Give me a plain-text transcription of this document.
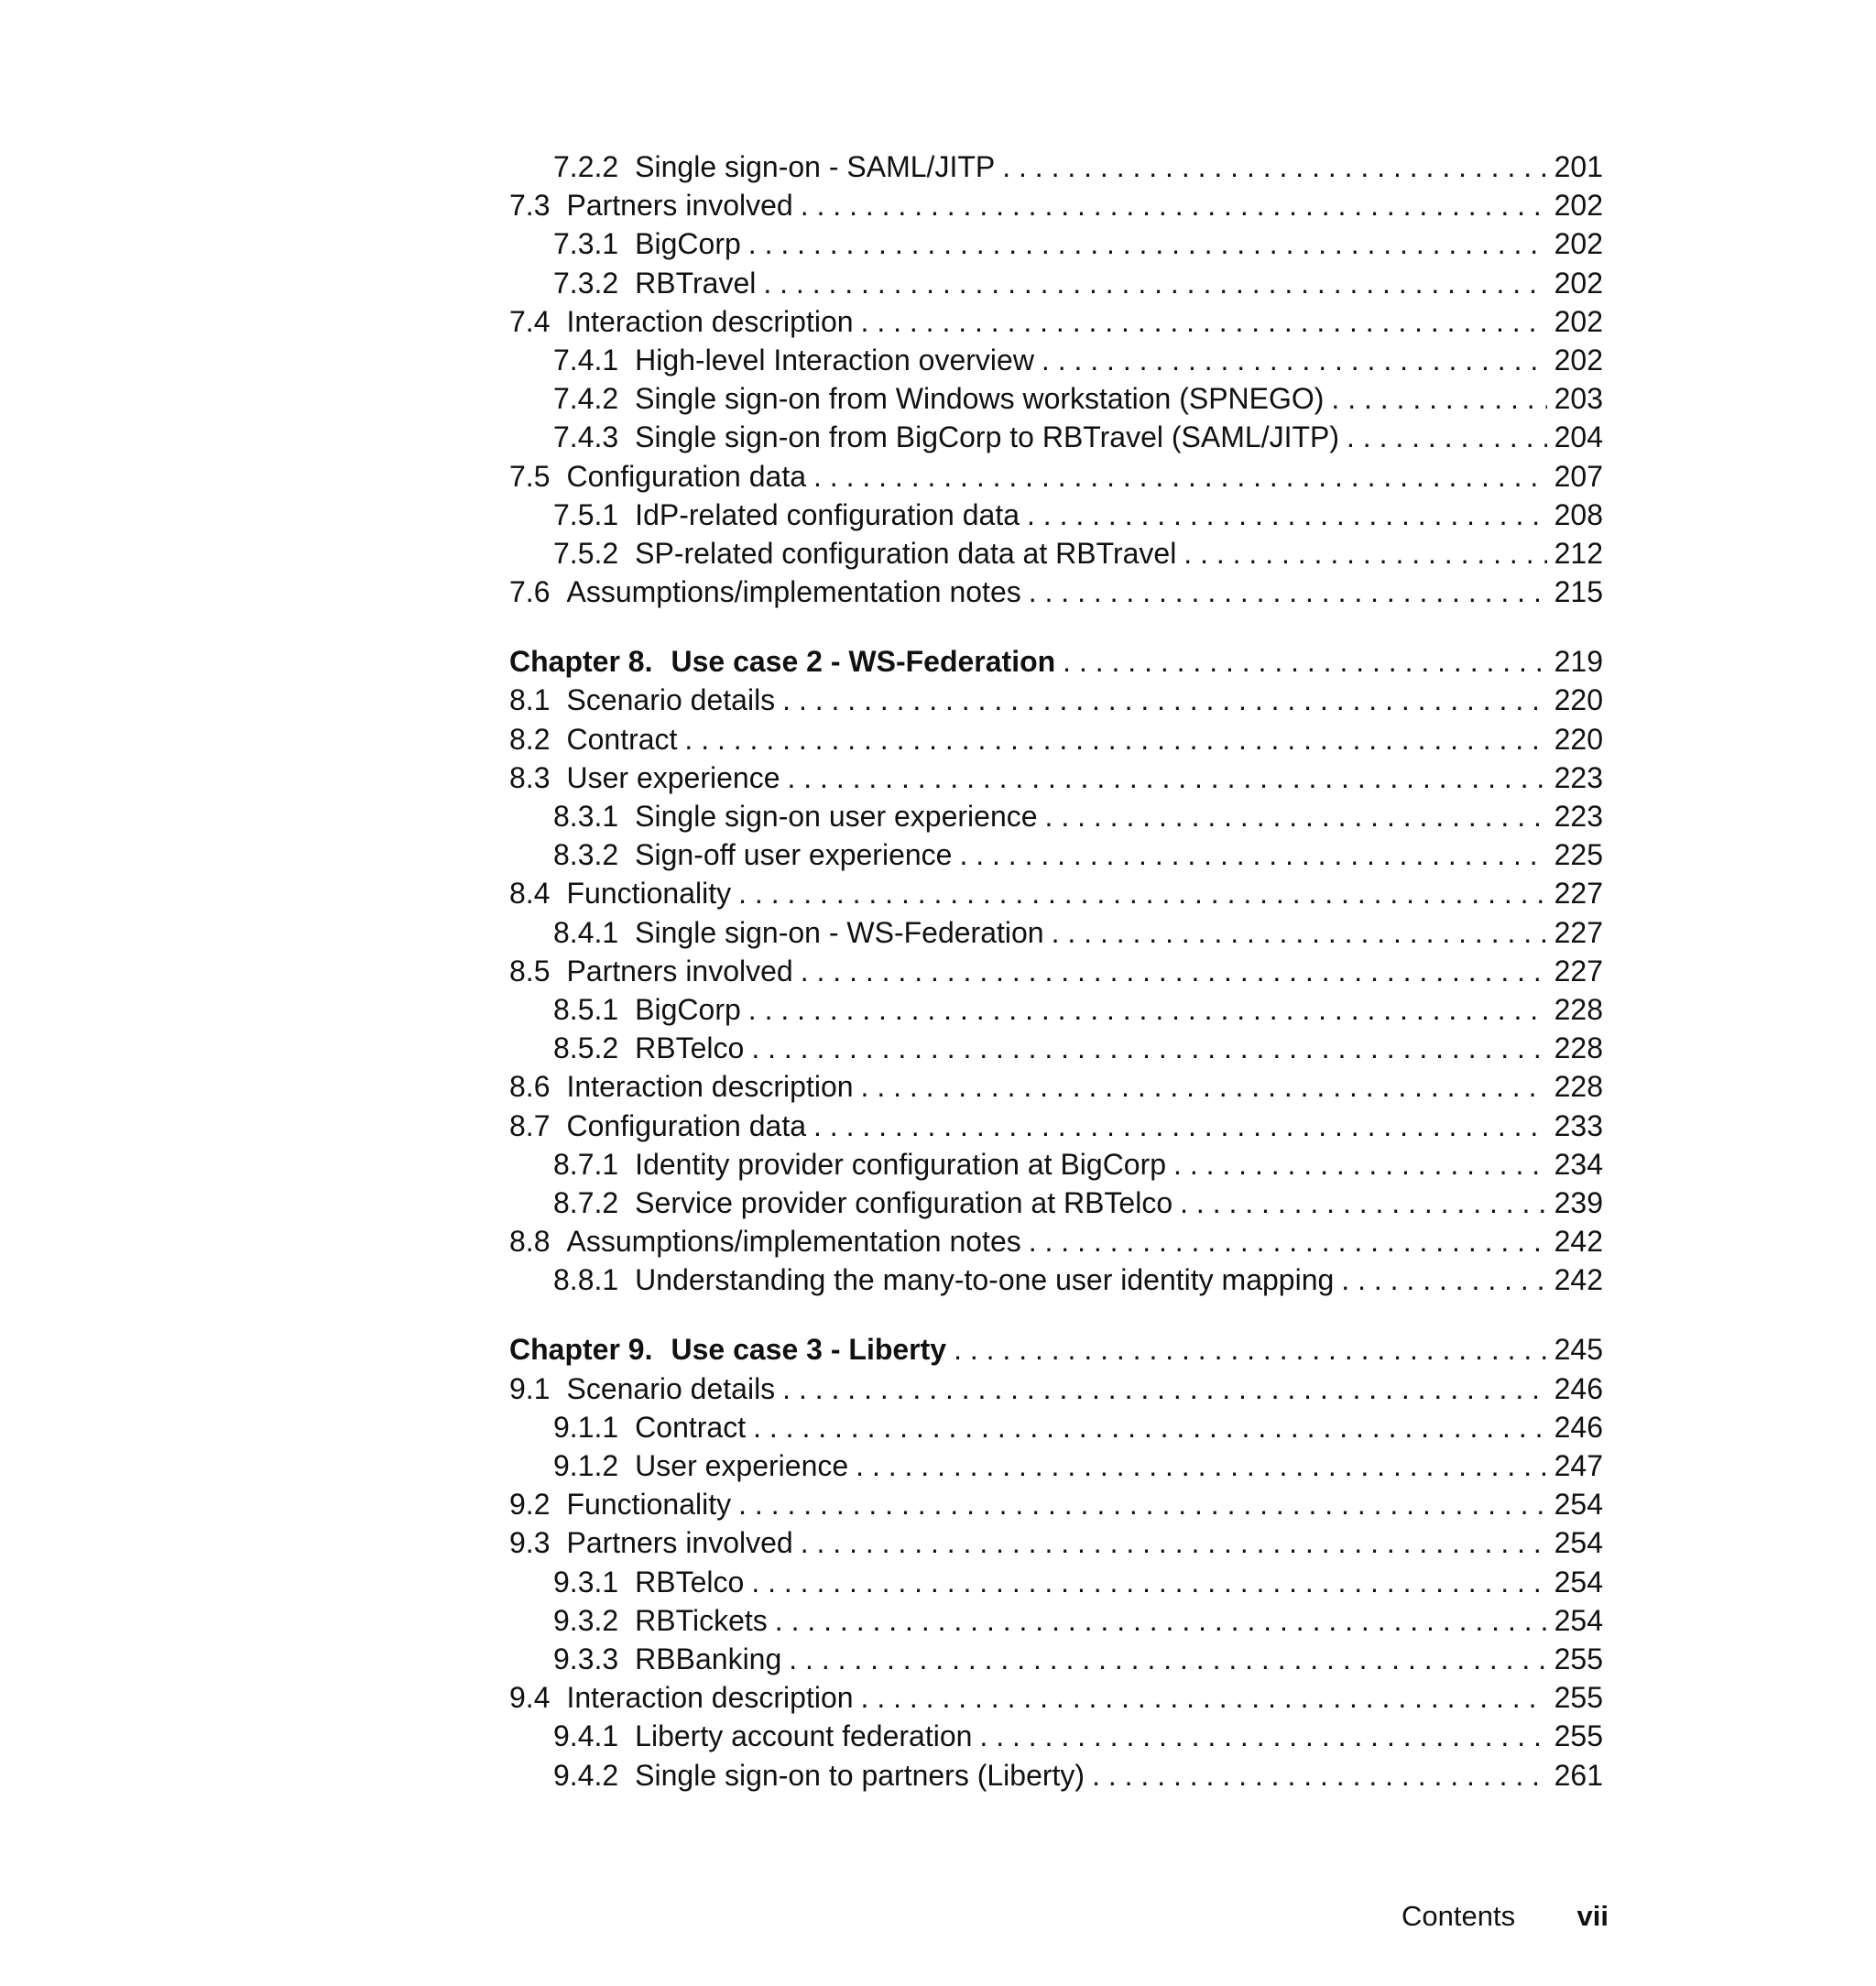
7.2.2 Single sign-on - SAML/JITP . . .	201
7.3 Partners involved . . .	202
7.3.1 BigCorp . . .	202
7.3.2 RBTravel . . .	202
7.4 Interaction description . . .	202
7.4.1 High-level Interaction overview . . .	202
7.4.2 Single sign-on from Windows workstation (SPNEGO) . . .	203
7.4.3 Single sign-on from BigCorp to RBTravel (SAML/JITP) . . .	204
7.5 Configuration data . . .	207
7.5.1 IdP-related configuration data . . .	208
7.5.2 SP-related configuration data at RBTravel . . .	212
7.6 Assumptions/implementation notes . . .	215
Chapter 8. Use case 2 - WS-Federation . . .	219
8.1 Scenario details . . .	220
8.2 Contract . . .	220
8.3 User experience . . .	223
8.3.1 Single sign-on user experience . . .	223
8.3.2 Sign-off user experience . . .	225
8.4 Functionality . . .	227
8.4.1 Single sign-on - WS-Federation . . .	227
8.5 Partners involved . . .	227
8.5.1 BigCorp . . .	228
8.5.2 RBTelco . . .	228
8.6 Interaction description . . .	228
8.7 Configuration data . . .	233
8.7.1 Identity provider configuration at BigCorp . . .	234
8.7.2 Service provider configuration at RBTelco . . .	239
8.8 Assumptions/implementation notes . . .	242
8.8.1 Understanding the many-to-one user identity mapping . . .	242
Chapter 9. Use case 3 - Liberty . . .	245
9.1 Scenario details . . .	246
9.1.1 Contract . . .	246
9.1.2 User experience . . .	247
9.2 Functionality . . .	254
9.3 Partners involved . . .	254
9.3.1 RBTelco . . .	254
9.3.2 RBTickets . . .	254
9.3.3 RBBanking . . .	255
9.4 Interaction description . . .	255
9.4.1 Liberty account federation . . .	255
9.4.2 Single sign-on to partners (Liberty) . . .	261
Contents vii
